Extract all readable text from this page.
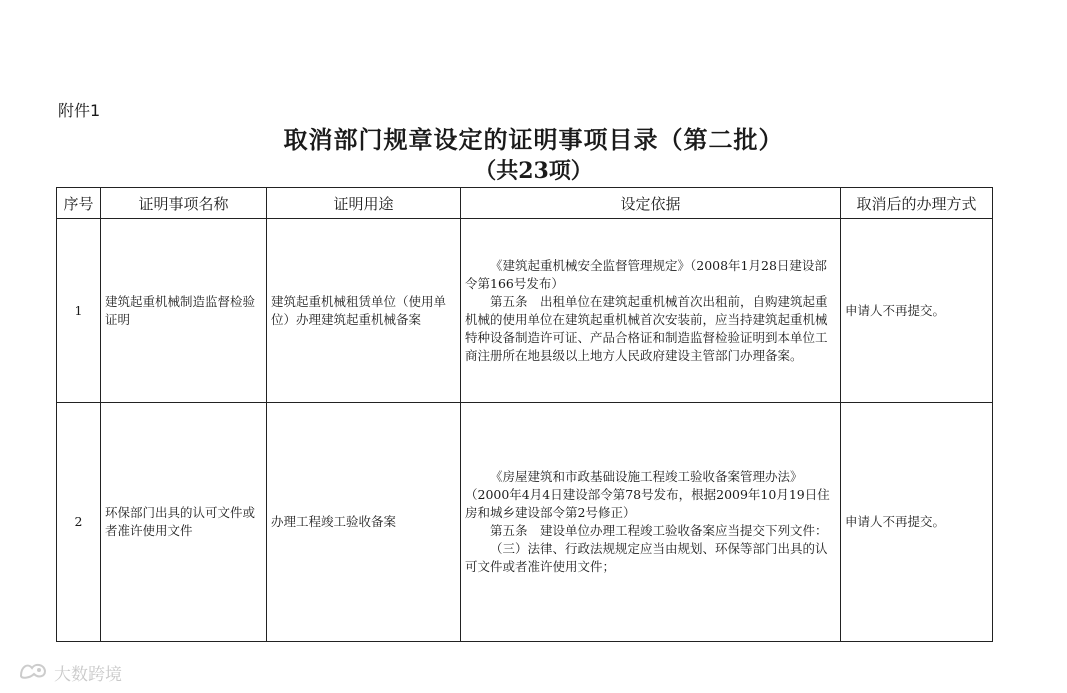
附件1
取消部门规章设定的证明事项目录（第二批）
（共23项）
序号	证明事项名称	证明用途	设定依据	取消后的办理方式
1	建筑起重机械制造监督检验证明	建筑起重机械租赁单位（使用单位）办理建筑起重机械备案	《建筑起重机械安全监督管理规定》（2008年1月28日建设部令第166号发布）
第五条　出租单位在建筑起重机械首次出租前，自购建筑起重机械的使用单位在建筑起重机械首次安装前，应当持建筑起重机械特种设备制造许可证、产品合格证和制造监督检验证明到本单位工商注册所在地县级以上地方人民政府建设主管部门办理备案。	申请人不再提交。
2	环保部门出具的认可文件或者准许使用文件	办理工程竣工验收备案	《房屋建筑和市政基础设施工程竣工验收备案管理办法》（2000年4月4日建设部令第78号发布，根据2009年10月19日住房和城乡建设部令第2号修正）
第五条　建设单位办理工程竣工验收备案应当提交下列文件：
（三）法律、行政法规规定应当由规划、环保等部门出具的认可文件或者准许使用文件；	申请人不再提交。
大数跨境
